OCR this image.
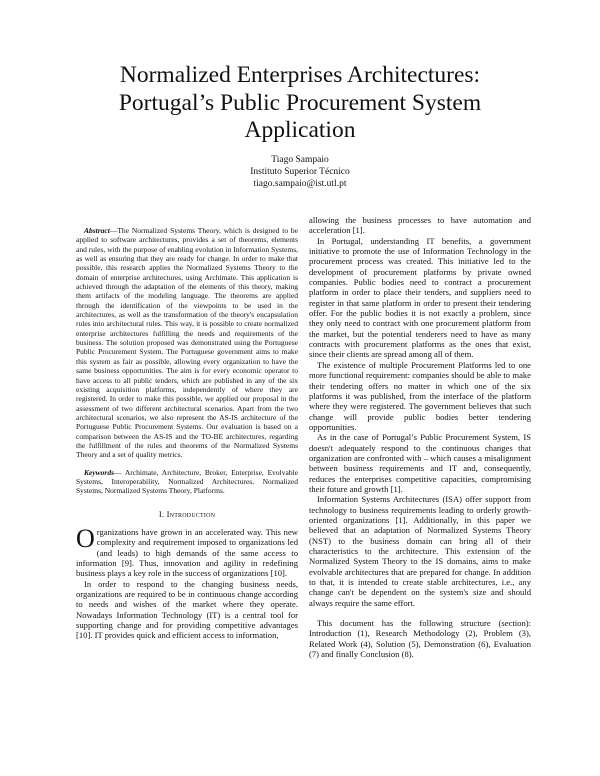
Normalized Enterprises Architectures:
Portugal’s Public Procurement System
Application
Tiago Sampaio
Instituto Superior Técnico
tiago.sampaio@ist.utl.pt

Abstract—The Normalized Systems Theory, which is designed to be applied to software architectures, provides a set of theorems, elements and rules, with the purpose of enabling evolution in Information Systems, as well as ensuring that they are ready for change. In order to make that possible, this research applies the Normalized Systems Theory to the domain of enterprise architectures, using Archimate. This application is achieved through the adaptation of the elements of this theory, making them artifacts of the modeling language. The theorems are applied through the identification of the viewpoints to be used in the architectures, as well as the transformation of the theory's encapsulation rules into architectural rules. This way, it is possible to create normalized enterprise architectures fulfilling the needs and requirements of the business. The solution proposed was demonstrated using the Portuguese Public Procurement System. The Portuguese government aims to make this system as fair as possible, allowing every organization to have the same business opportunities. The aim is for every economic operator to have access to all public tenders, which are published in any of the six existing acquisition platforms, independently of where they are registered. In order to make this possible, we applied our proposal in the assessment of two different architectural scenarios. Apart from the two architectural scenarios, we also represent the AS-IS architecture of the Portuguese Public Procurement Systems. Our evaluation is based on a comparison between the AS-IS and the TO-BE architectures, regarding the fulfillment of the rules and theorems of the Normalized Systems Theory and a set of quality metrics.

Keywords— Archimate, Architecture, Broker, Enterprise, Evolvable Systems, Interoperability, Normalized Architectures, Normalized Systems, Normalized Systems Theory, Platforms.

I. Introduction

Organizations have grown in an accelerated way. This new complexity and requirement imposed to organizations led (and leads) to high demands of the same access to information [9]. Thus, innovation and agility in redefining business plays a key role in the success of organizations [10].

In order to respond to the changing business needs, organizations are required to be in continuous change according to needs and wishes of the market where they operate. Nowadays Information Technology (IT) is a central tool for supporting change and for providing competitive advantages [10]. IT provides quick and efficient access to information,

allowing the business processes to have automation and acceleration [1].

In Portugal, understanding IT benefits, a government initiative to promote the use of Information Technology in the procurement process was created. This initiative led to the development of procurement platforms by private owned companies. Public bodies need to contract a procurement platform in order to place their tenders, and suppliers need to register in that same platform in order to present their tendering offer. For the public bodies it is not exactly a problem, since they only need to contract with one procurement platform from the market, but the potential tenderers need to have as many contracts with procurement platforms as the ones that exist, since their clients are spread among all of them.

The existence of multiple Procurement Platforms led to one more functional requirement: companies should be able to make their tendering offers no matter in which one of the six platforms it was published, from the interface of the platform where they were registered. The government believes that such change will provide public bodies better tendering opportunities.

As in the case of Portugal’s Public Procurement System, IS doesn't adequately respond to the continuous changes that organization are confronted with – which causes a misalignment between business requirements and IT and, consequently, reduces the enterprises competitive capacities, compromising their future and growth [1].

Information Systems Architectures (ISA) offer support from technology to business requirements leading to orderly growth-oriented organizations [1]. Additionally, in this paper we believed that an adaptation of Normalized Systems Theory (NST) to the business domain can bring all of their characteristics to the architecture. This extension of the Normalized System Theory to the IS domains, aims to make evolvable architectures that are prepared for change. In addition to that, it is intended to create stable architectures, i.e., any change can't be dependent on the system's size and should always require the same effort.

This document has the following structure (section): Introduction (1), Research Methodology (2), Problem (3), Related Work (4), Solution (5), Demonstration (6), Evaluation (7) and finally Conclusion (8).
